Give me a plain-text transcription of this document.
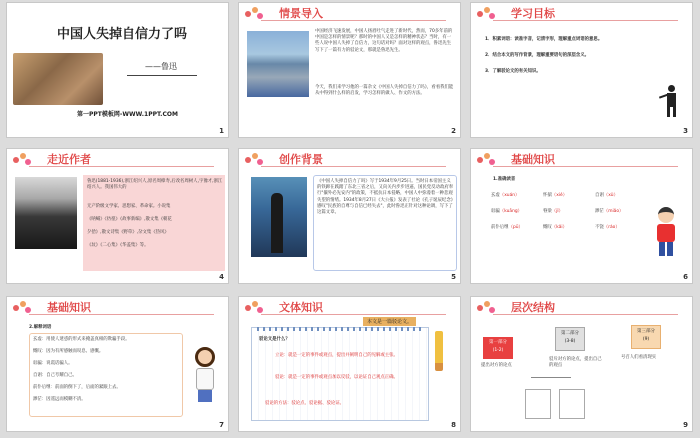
中国人失掉自信力了吗
——鲁迅
第一PPT模板网-WWW.1PPT.COM
1
情景导入
中国经济飞速发展，中国人扬眉吐气走进了新时代，然而，70多年前的中国是怎样的情景呢？那时的中国人又是怎样的精神状态？当时，有一些人说中国人失掉了自信力，这句话对吗？面对这样的观点，鲁迅先生写下了一篇有力的驳论文，那就是鲁迅先生。
今天，我们来学习他的一篇杂文《中国人失掉自信力了吗》，看看我们能从中得到什么样的启发，学习怎样的做人、作文的方法。
2
学习目标
1．积累词语：读准字音，记清字形，理解重点词语的意思。
2．结合本文的写作背景，理解重要语句的深层含义。
3．了解驳论文的有关知识。
3
走近作者
鲁迅(1881-1936),浙江绍兴人,原名周樟寿,后改名周树人,字豫才,浙江绍兴人。我国伟大的
无产阶级文学家、思想家、革命家。小说集
《呐喊》《彷徨》《故事新编》,散文集《朝花
夕拾》,散文诗集《野草》,杂文集《热风》
《坟》《二心集》《华盖集》等。
4
创作背景
《中国人失掉自信力了吗》写于1934年9月25日。当时日本帝国主义的铁蹄在践踏了东北三省之后，又向关内步步进逼，国民党反动政府奉行"攘外必先安内"的政策，不抵抗日本侵略，中国人中弥漫着一种悲观失望的情绪。1934年8月27日《大公报》发表了社论《孔子诞辰纪念》感叹"民族的自尊与自信已经失去"，此时鲁迅正针对这种论调，写下了这篇文章。
5
基础知识
1.准确读音
玄虚（xuán）	怀揣（xié）	自诩（xǔ）
诓骗（kuāng）	脊梁（jǐ）	渺茫（miǎo）
前仆后继（pū）	慨叹（kǎi）	不饶（ráo）
6
基础知识
2.解释词语
玄虚：用使人迷惑的形式来掩盖真相的欺骗手段。
慨叹：因为有所感触而叹息、感慨。
诓骗：说谎话骗人。
自诩：自己夸耀自己。
前仆后继：前面的倒下了，后面的紧跟上去。
渺茫：因遥远而模糊不清。
7
文体知识
本文是一篇驳论文。
驳论文是什么？
立论：就是一定的事件或观点，提出并阐明自己的见解或主张。
驳论：就是一定的事件或观点加以反驳，以论证自己观点正确。
驳论的方法：驳论点、驳论据、驳论证。
8
层次结构
第一部分
(1-2)
第二部分
(3-8)
第三部分
(9)
提出对方的论点
驳斥对方的论点，提出自己的观点
号召人们看清现实
9
